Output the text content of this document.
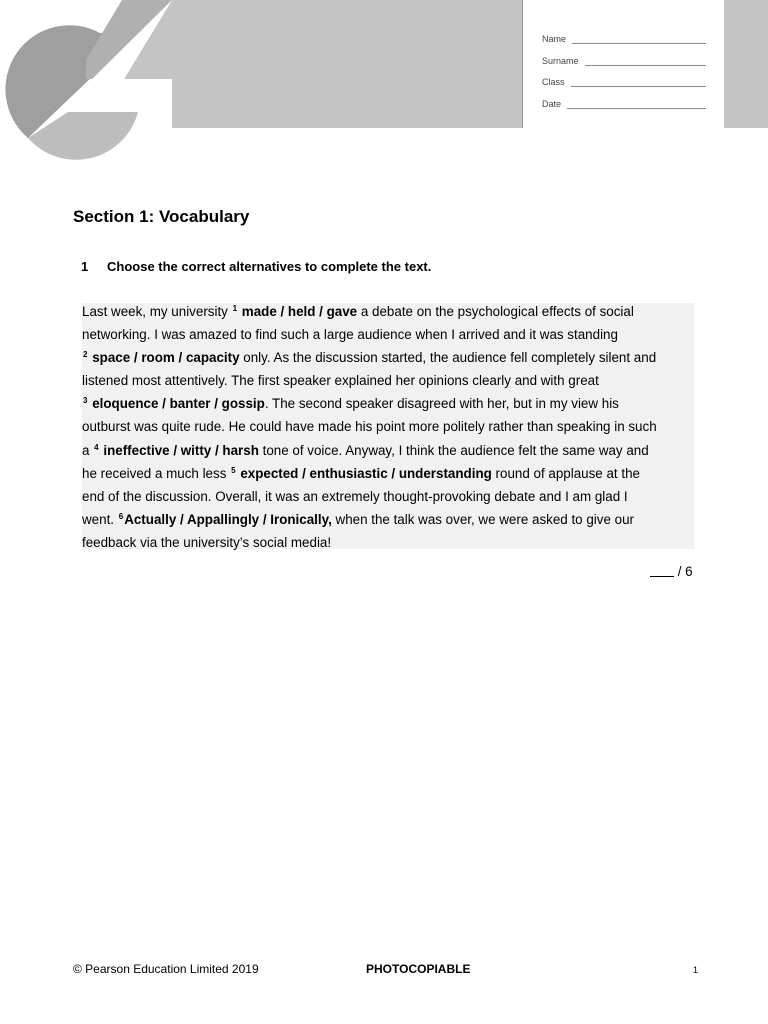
Name
Surname
Class
Date
Section 1: Vocabulary
1	Choose the correct alternatives to complete the text.

Last week, my university $^1$ made / held / gave a debate on the psychological effects of social

networking. I was amazed to find such a large audience when I arrived and it was standing

$^2$ space / room / capacity only. As the discussion started, the audience fell completely silent and

listened most attentively. The first speaker explained her opinions clearly and with great

$^3$ eloquence / banter / gossip. The second speaker disagreed with her, but in my view his

outburst was quite rude. He could have made his point more politely rather than speaking in such

a $^4$ ineffective / witty / harsh tone of voice. Anyway, I think the audience felt the same way and

he received a much less $^5$ expected / enthusiastic / understanding round of applause at the

end of the discussion. Overall, it was an extremely thought-provoking debate and I am glad I

went. $^6$Actually / Appallingly / Ironically, when the talk was over, we were asked to give our

feedback via the university’s social media!

/ 6
© Pearson Education Limited 2019	PHOTOCOPIABLE	1
